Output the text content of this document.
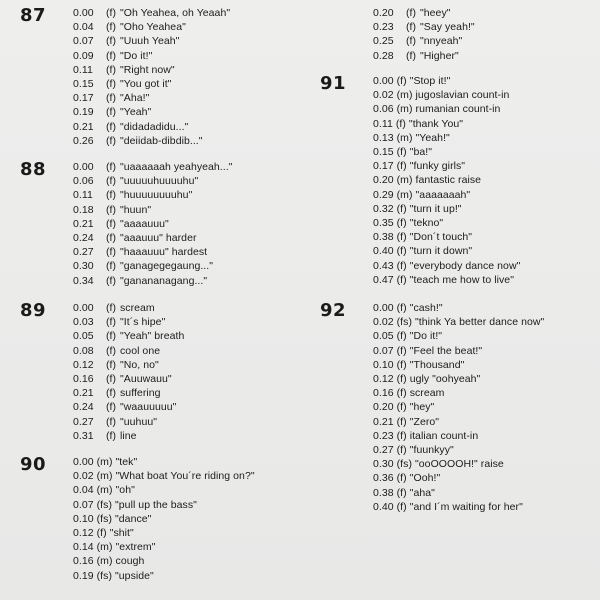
87	0.00	(f) "Oh Yeahea, oh Yeaah"
0.04	(f) "Oho Yeahea"
0.07	(f) "Uuuh Yeah"
0.09	(f) "Do it!"
0.11	(f) "Right now"
0.15	(f) "You got it"
0.17	(f) "Aha!"
0.19	(f) "Yeah"
0.21	(f) "didadadidu..."
0.26	(f) "deiidab-dibdib..."
88	0.00	(f) "uaaaaaah yeahyeah..."
0.06	(f) "uuuuuhuuuuhu"
0.11	(f) "huuuuuuuuhu"
0.18	(f) "huun"
0.21	(f) "aaaauuu"
0.24	(f) "aaauuu" harder
0.27	(f) "haaauuu" hardest
0.30	(f) "ganagegegaung..."
0.34	(f) "ganananagang..."
89	0.00	(f) scream
0.03	(f) "It´s hipe"
0.05	(f) "Yeah" breath
0.08	(f) cool one
0.12	(f) "No, no"
0.16	(f) "Auuwauu"
0.21	(f) suffering
0.24	(f) "waauuuuu"
0.27	(f) "uuhuu"
0.31	(f) line
90	0.00 (m) "tek"
0.02 (m) "What boat You´re riding on?"
0.04 (m) "oh"
0.07 (fs) "pull up the bass"
0.10 (fs) "dance"
0.12 (f) "shit"
0.14 (m) "extrem"
0.16 (m) cough
0.19 (fs) "upside"
0.20	(f) "heey"
0.23	(f) "Say yeah!"
0.25	(f) "nnyeah"
0.28	(f) "Higher"
91	0.00 (f) "Stop it!"
0.02 (m) jugoslavian count-in
0.06 (m) rumanian count-in
0.11 (f) "thank You"
0.13 (m) "Yeah!"
0.15 (f) "ba!"
0.17 (f) "funky girls"
0.20 (m) fantastic raise
0.29 (m) "aaaaaaah"
0.32 (f) "turn it up!"
0.35 (f) "tekno"
0.38 (f) "Don´t touch"
0.40 (f) "turn it down"
0.43 (f) "everybody dance now"
0.47 (f) "teach me how to live"
92	0.00 (f) "cash!"
0.02 (fs) "think Ya better dance now"
0.05 (f) "Do it!"
0.07 (f) "Feel the beat!"
0.10 (f) "Thousand"
0.12 (f) ugly "oohyeah"
0.16 (f) scream
0.20 (f) "hey"
0.21 (f) "Zero"
0.23 (f) italian count-in
0.27 (f) "fuunkyy"
0.30 (fs) "ooOOOOH!" raise
0.36 (f) "Ooh!"
0.38 (f) "aha"
0.40 (f) "and I´m waiting for her"
